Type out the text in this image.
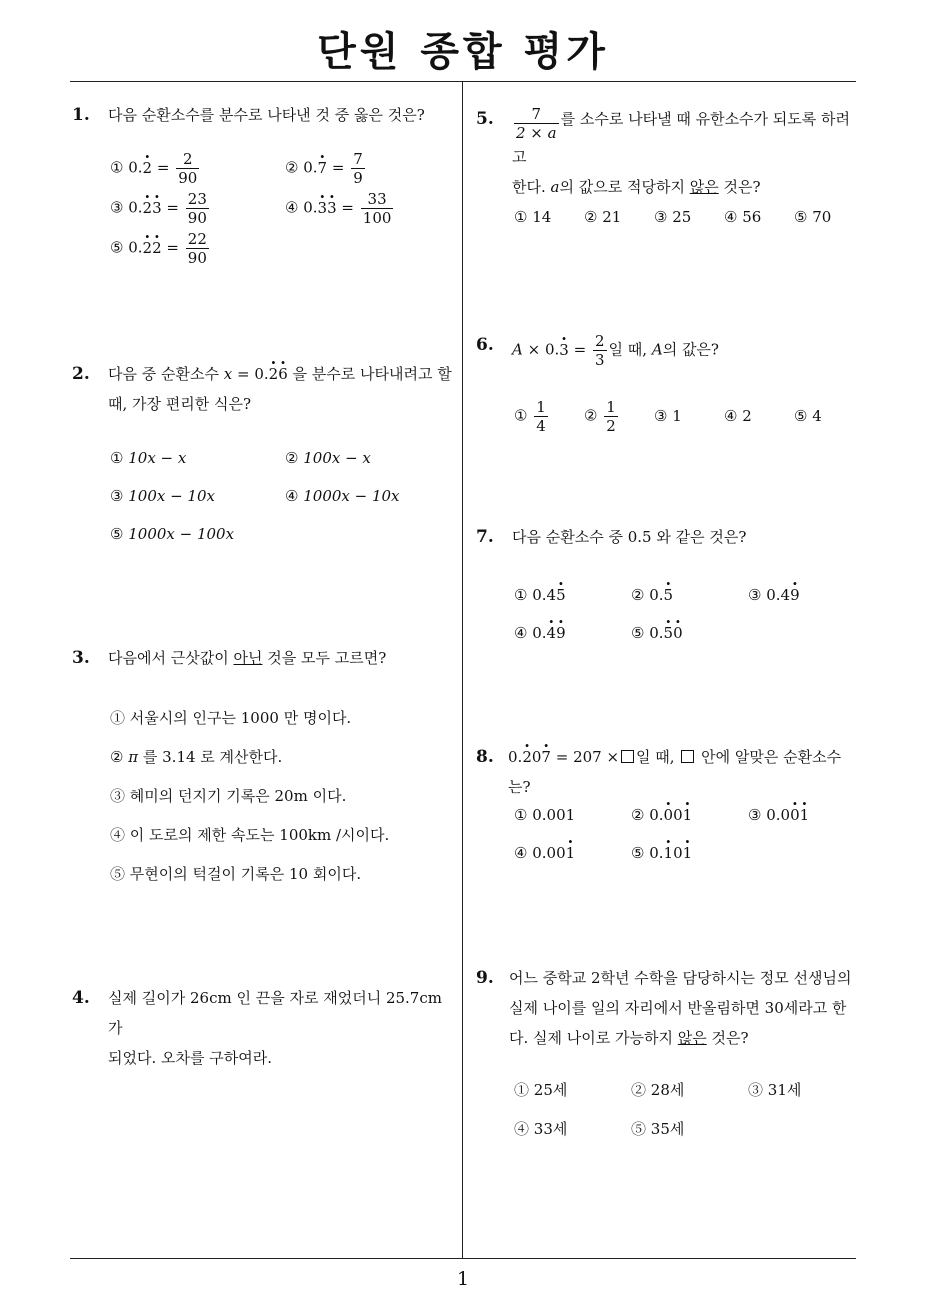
단원 종합 평가
1
1. 다음 순환소수를 분수로 나타낸 것 중 옳은 것은?
① 0.2 · = $\frac{2}{90}$	② 0.7 · = $\frac{7}{9}$
③ 0.2 ·3 · = $\frac{23}{90}$	④ 0.3 ·3 · = $\frac{33}{100}$
⑤ 0.2 ·2 · = $\frac{22}{90}$
2. 다음 중 순환소수 x = 0.2 ·6 · 을 분수로 나타내려고 할
때, 가장 편리한 식은?
① 10x − x	② 100x − x
③ 100x − 10x	④ 1000x − 10x
⑤ 1000x − 100x
3. 다음에서 근삿값이 아닌 것을 모두 고르면?
① 서울시의 인구는 1000 만 명이다.
② π 를 3.14 로 계산한다.
③ 혜미의 던지기 기록은 20m 이다.
④ 이 도로의 제한 속도는 100km /시이다.
⑤ 무현이의 턱걸이 기록은 10 회이다.
4. 실제 길이가 26cm 인 끈을 자로 재었더니 25.7cm 가
되었다. 오차를 구하여라.
5. $\frac{7}{2 \times a}$ 를 소수로 나타낼 때 유한소수가 되도록 하려고
한다. a의 값으로 적당하지 않은 것은?
① 14 ② 21 ③ 25 ④ 56 ⑤ 70
6. A × 0.3 · = $\frac{2}{3}$ 일 때, A의 값은?
① $\frac{1}{4}$ ② $\frac{1}{2}$ ③ 1	④ 2	⑤ 4
7. 다음 순환소수 중 0.5 와 같은 것은?
① 0.45 ·	② 0.5 ·	③ 0.49 ·
④ 0.4 ·9 ·	⑤ 0.5 ·0 ·
8. 0.2 ·07 · = 207 × 일 때, 안에 알맞은 순환소수는?
① 0.001	② 0.0 ·01 ·	③ 0.00 ·1 ·
④ 0.001 ·	⑤ 0.1 ·01 ·
9. 어느 중학교 2학년 수학을 담당하시는 정모 선생님의
실제 나이를 일의 자리에서 반올림하면 30세라고 한
다. 실제 나이로 가능하지 않은 것은?
① 25세	② 28세	③ 31세
④ 33세	⑤ 35세
